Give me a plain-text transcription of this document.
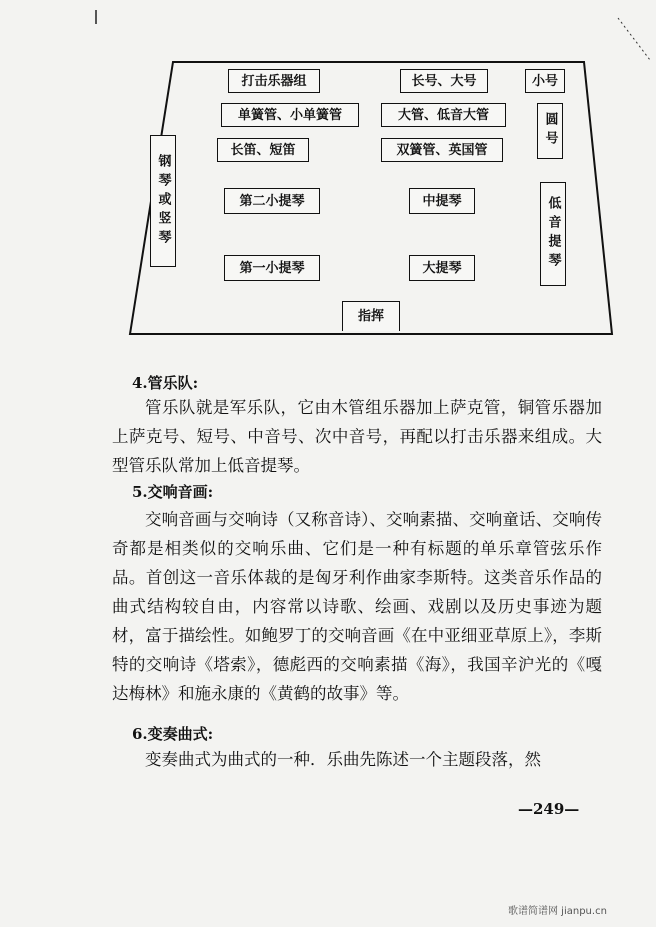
打击乐器组	长号、大号	小号
单簧管、小单簧管	大管、低音大管	圆号
钢琴或竖琴
长笛、短笛	双簧管、英国管
第二小提琴	中提琴	低音提琴
第一小提琴	大提琴
指挥
4.管乐队:

管乐队就是军乐队，它由木管组乐器加上萨克管，铜管乐器加上萨克号、短号、中音号、次中音号，再配以打击乐器来组成。大型管乐队常加上低音提琴。

5.交响音画:

交响音画与交响诗（又称音诗）、交响素描、交响童话、交响传奇都是相类似的交响乐曲、它们是一种有标题的单乐章管弦乐作品。首创这一音乐体裁的是匈牙利作曲家李斯特。这类音乐作品的曲式结构较自由，内容常以诗歌、绘画、戏剧以及历史事迹为题材，富于描绘性。如鲍罗丁的交响音画《在中亚细亚草原上》，李斯特的交响诗《塔索》，德彪西的交响素描《海》，我国辛沪光的《嘎达梅林》和施永康的《黄鹤的故事》等。

6.变奏曲式:

变奏曲式为曲式的一种．乐曲先陈述一个主题段落，然

—249—
歌谱简谱网 jianpu.cn
